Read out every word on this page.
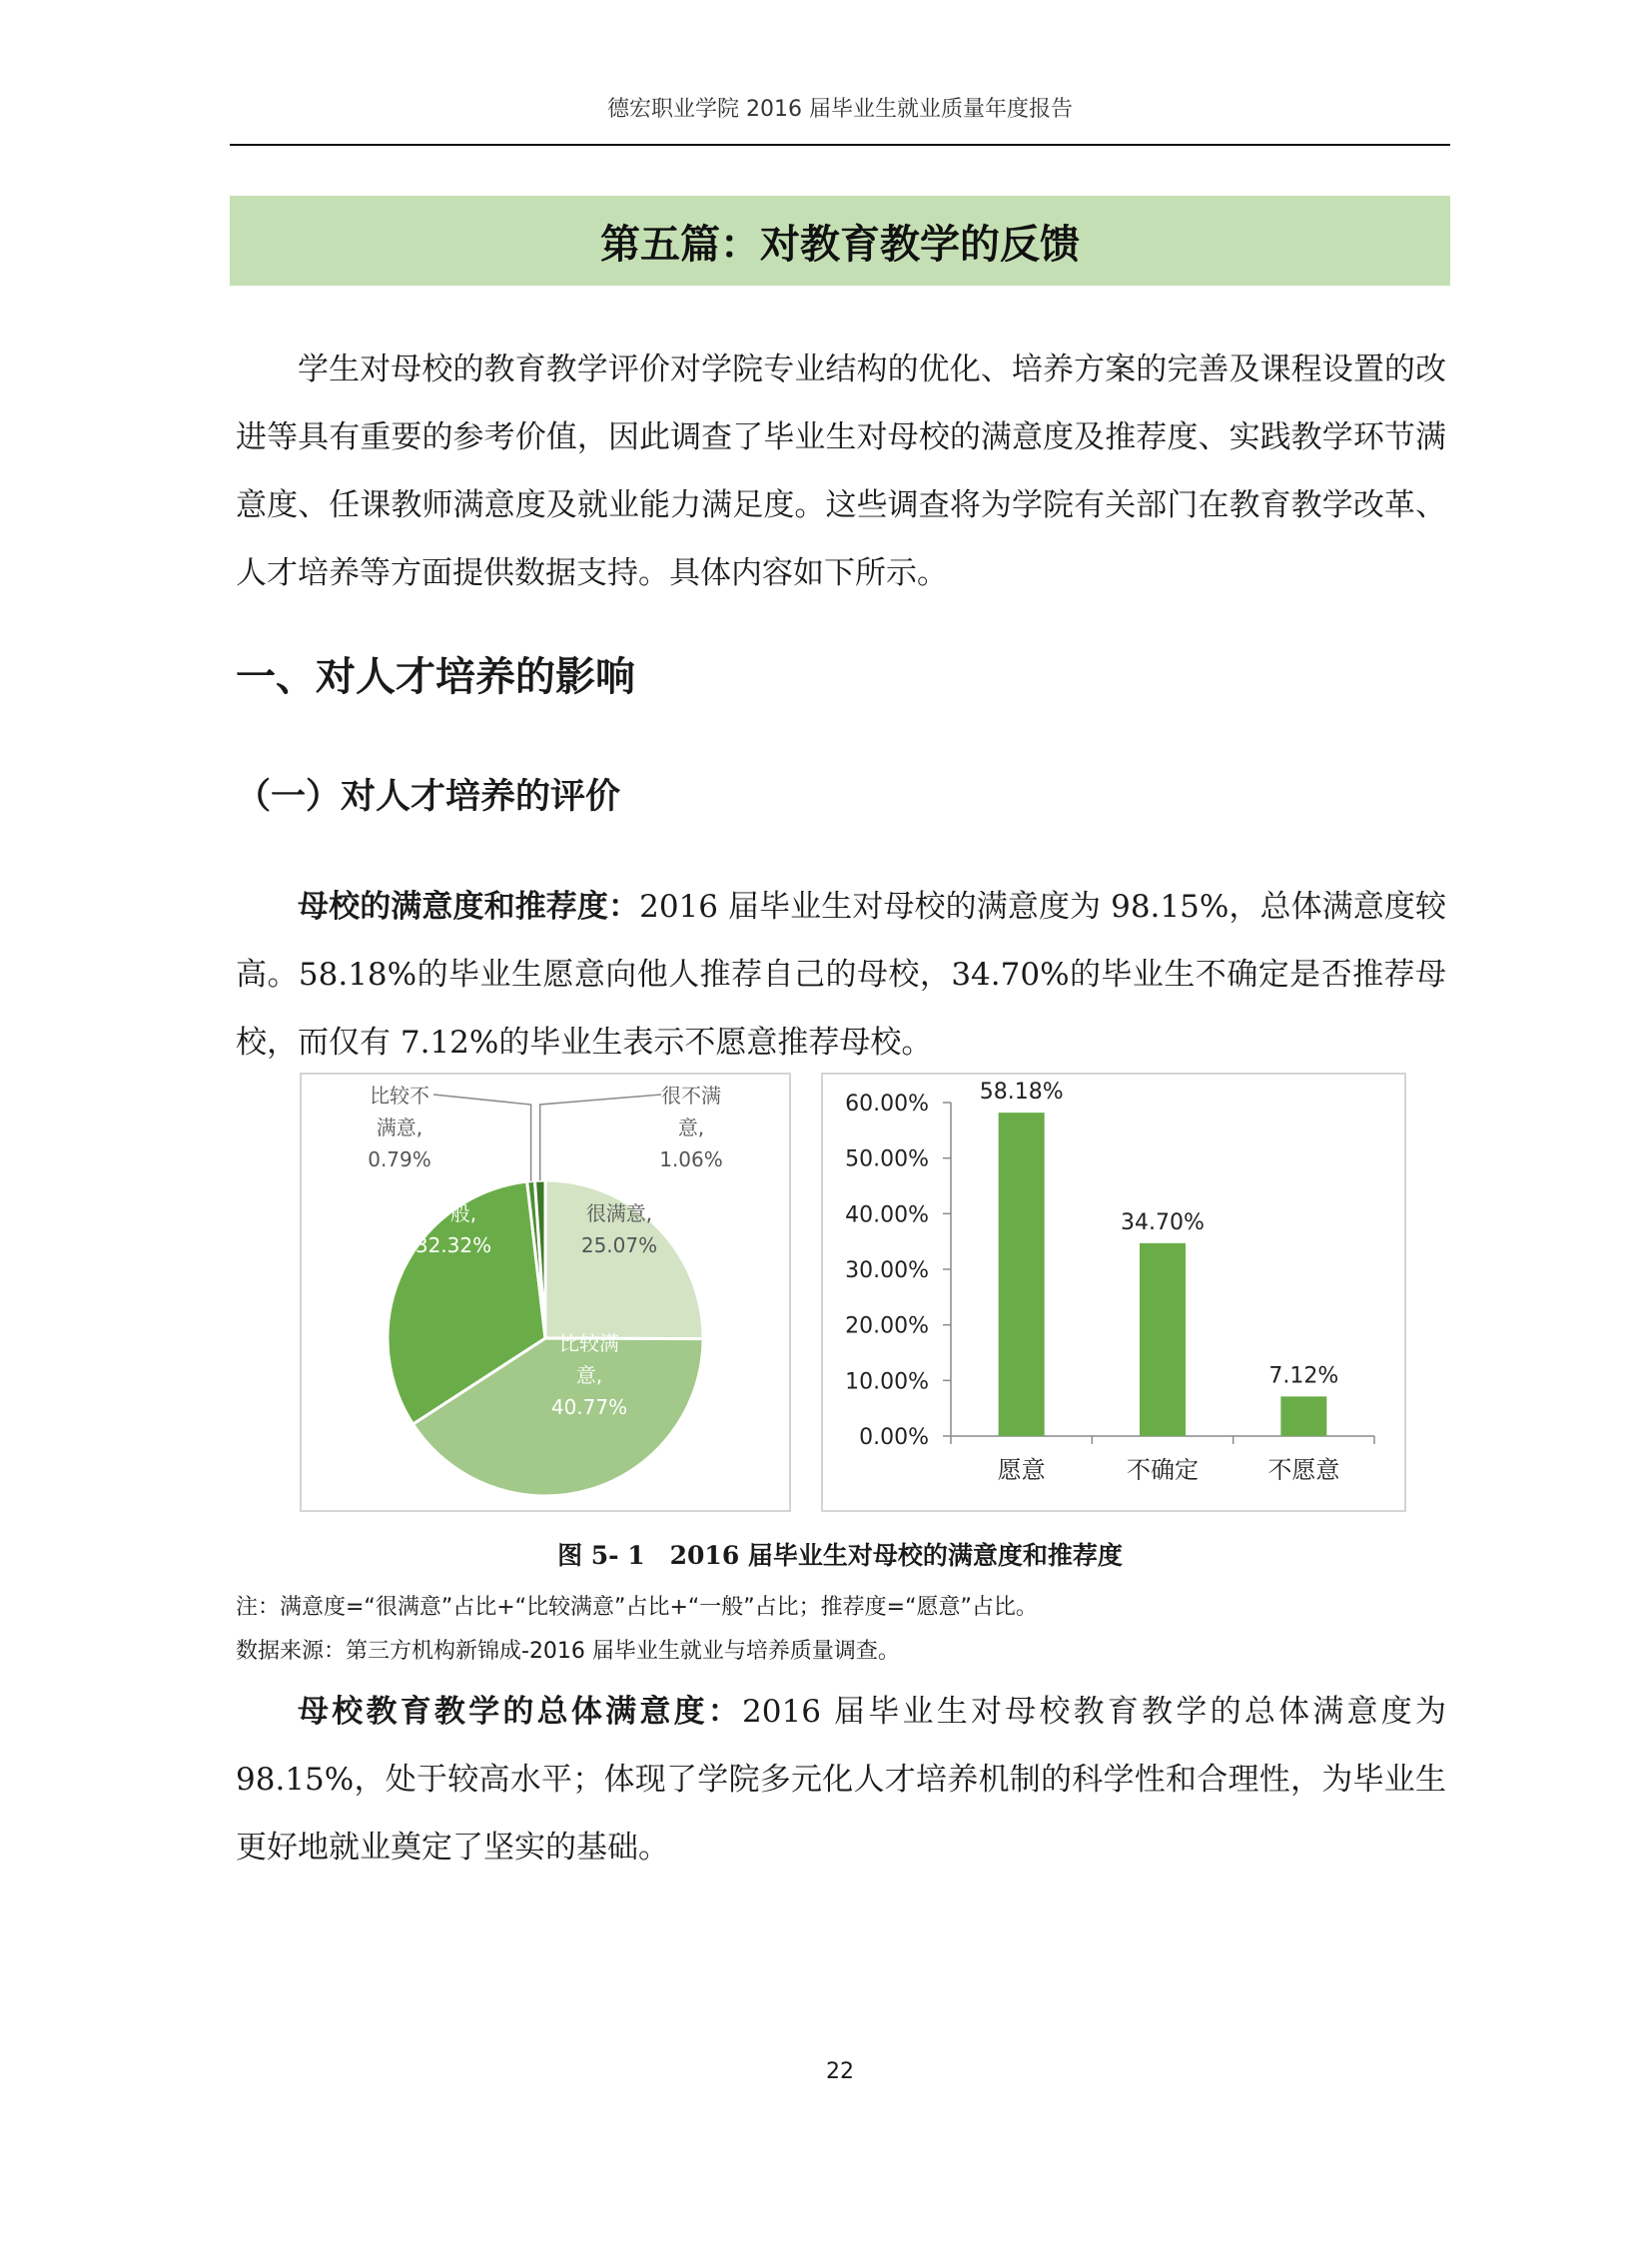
德宏职业学院 2016 届毕业生就业质量年度报告
第五篇：对教育教学的反馈

学生对母校的教育教学评价对学院专业结构的优化、培养方案的完善及课程设置的改进等具有重要的参考价值，因此调查了毕业生对母校的满意度及推荐度、实践教学环节满意度、任课教师满意度及就业能力满足度。这些调查将为学院有关部门在教育教学改革、人才培养等方面提供数据支持。具体内容如下所示。

一、对人才培养的影响
（一）对人才培养的评价

母校的满意度和推荐度：2016 届毕业生对母校的满意度为 98.15%，总体满意度较高。58.18%的毕业生愿意向他人推荐自己的母校，34.70%的毕业生不确定是否推荐母校，而仅有 7.12%的毕业生表示不愿意推荐母校。

很满意, 25.07%
比较满意, 40.77%
一般, 32.32%
比较不满意, 0.79%
很不满意, 1.06%
0.00%
10.00%
20.00%
30.00%
40.00%
50.00%
60.00% 58.18%
愿意
34.70%
不确定
7.12%
不愿意
图 5- 1　2016 届毕业生对母校的满意度和推荐度
注：满意度=“很满意”占比+“比较满意”占比+“一般”占比；推荐度=“愿意”占比。
数据来源：第三方机构新锦成-2016 届毕业生就业与培养质量调查。

母校教育教学的总体满意度：2016 届毕业生对母校教育教学的总体满意度为 98.15%，处于较高水平；体现了学院多元化人才培养机制的科学性和合理性，为毕业生更好地就业奠定了坚实的基础。

22
